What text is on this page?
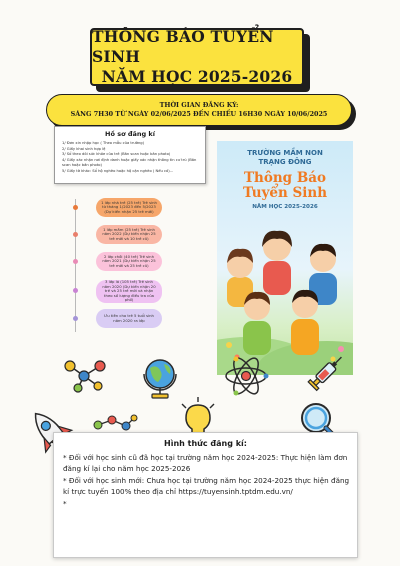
THÔNG BÁO TUYỂN SINH
NĂM HỌC 2025-2026
THỜI GIAN ĐĂNG KÝ:
SÁNG 7H30 TỪ NGÀY 02/06/2025 ĐẾN CHIỀU 16H30 NGÀY 10/06/2025
Hồ sơ đăng kí
1/ Đơn xin nhập học ( Theo mẫu của trường)
2/ Giấy khai sinh hợp lệ
3/ Sổ theo dõi sức khỏe của trẻ (Bản scan hoặc bản photo)
4/ Giấy xác nhận nơi định danh hoặc giấy xác nhận thông tin cư trú (Bản scan hoặc bản photo)
5/ Giấy tờ khác: Sổ hộ nghèo hoặc hộ cận nghèo ( Nếu có)...
1 lớp nhà trẻ (25 trẻ) Trẻ sinh từ tháng 1/2023 đến 5/2023 (Dự kiến nhận 25 trẻ mới)
1 lớp mầm (25 trẻ) Trẻ sinh năm 2022 (Dự kiến nhận 25 trẻ mới và 10 trẻ cũ)
2 lớp chồi (40 trẻ) Trẻ sinh năm 2021 (Dự kiến nhận 25 trẻ mới và 25 trẻ cũ)
3 lớp lá (105 trẻ) Trẻ sinh năm 2020 (Dự kiến nhận 20 trẻ và 25 trẻ mới và nhận theo số lượng điều tra của phố)
Ưu tiên cho trẻ 5 tuổi sinh năm 2020 ra lớp
TRƯỜNG MẦM NON
TRẠNG ĐÔNG
Thông Báo
Tuyển Sinh
NĂM HỌC 2025-2026
Hình thức đăng kí:
* Đối với học sinh cũ đã học tại trường năm học 2024-2025: Thực hiện làm đơn đăng kí lại cho năm học 2025-2026
* Đối với học sinh mới: Chưa học tại trường năm học 2024-2025 thực hiện đăng kí trực tuyến 100% theo địa chỉ https://tuyensinh.tptdm.edu.vn/
*
